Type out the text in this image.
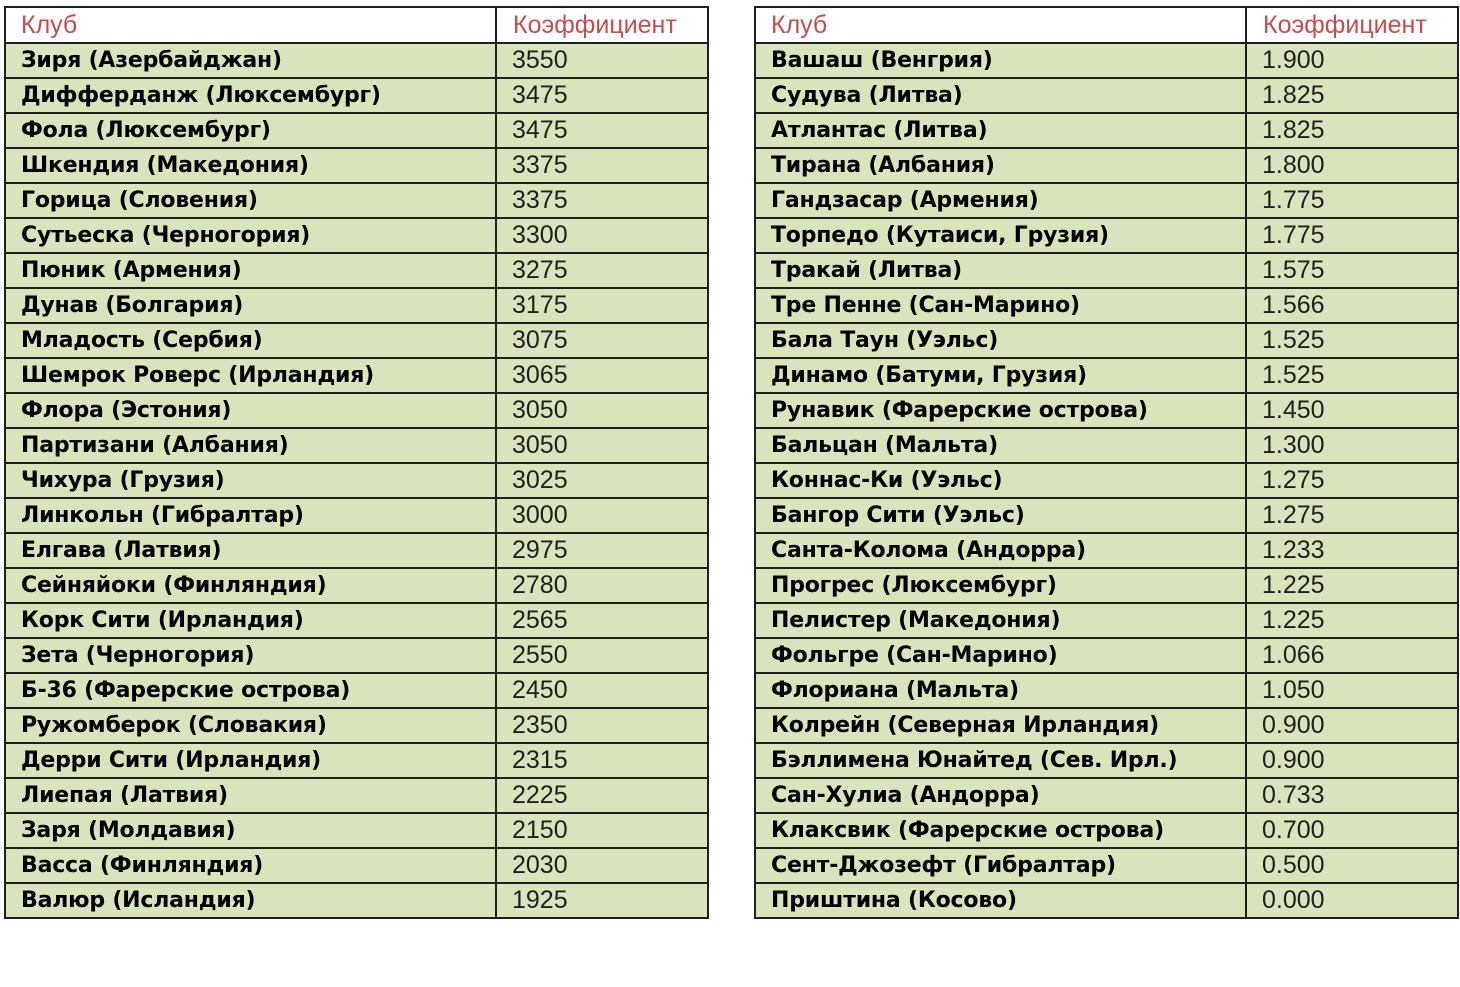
Клуб	Коэффициент
Зиря (Азербайджан)	3550
Дифферданж (Люксембург)	3475
Фола (Люксембург)	3475
Шкендия (Македония)	3375
Горица (Словения)	3375
Сутьеска (Черногория)	3300
Пюник (Армения)	3275
Дунав (Болгария)	3175
Младость (Сербия)	3075
Шемрок Роверс (Ирландия)	3065
Флора (Эстония)	3050
Партизани (Албания)	3050
Чихура (Грузия)	3025
Линкольн (Гибралтар)	3000
Елгава (Латвия)	2975
Сейняйоки (Финляндия)	2780
Корк Сити (Ирландия)	2565
Зета (Черногория)	2550
Б-36 (Фарерские острова)	2450
Ружомберок (Словакия)	2350
Дерри Сити (Ирландия)	2315
Лиепая (Латвия)	2225
Заря (Молдавия)	2150
Васса (Финляндия)	2030
Валюр (Исландия)	1925
Клуб	Коэффициент
Вашаш (Венгрия)	1.900
Судува (Литва)	1.825
Атлантас (Литва)	1.825
Тирана (Албания)	1.800
Гандзасар (Армения)	1.775
Торпедо (Кутаиси, Грузия)	1.775
Тракай (Литва)	1.575
Тре Пенне (Сан-Марино)	1.566
Бала Таун (Уэльс)	1.525
Динамо (Батуми, Грузия)	1.525
Рунавик (Фарерские острова)	1.450
Бальцан (Мальта)	1.300
Коннас-Ки (Уэльс)	1.275
Бангор Сити (Уэльс)	1.275
Санта-Колома (Андорра)	1.233
Прогрес (Люксембург)	1.225
Пелистер (Македония)	1.225
Фольгре (Сан-Марино)	1.066
Флориана (Мальта)	1.050
Колрейн (Северная Ирландия)	0.900
Бэллимена Юнайтед (Сев. Ирл.)	0.900
Сан-Хулиа (Андорра)	0.733
Клаксвик (Фарерские острова)	0.700
Сент-Джозефт (Гибралтар)	0.500
Приштина (Косово)	0.000
